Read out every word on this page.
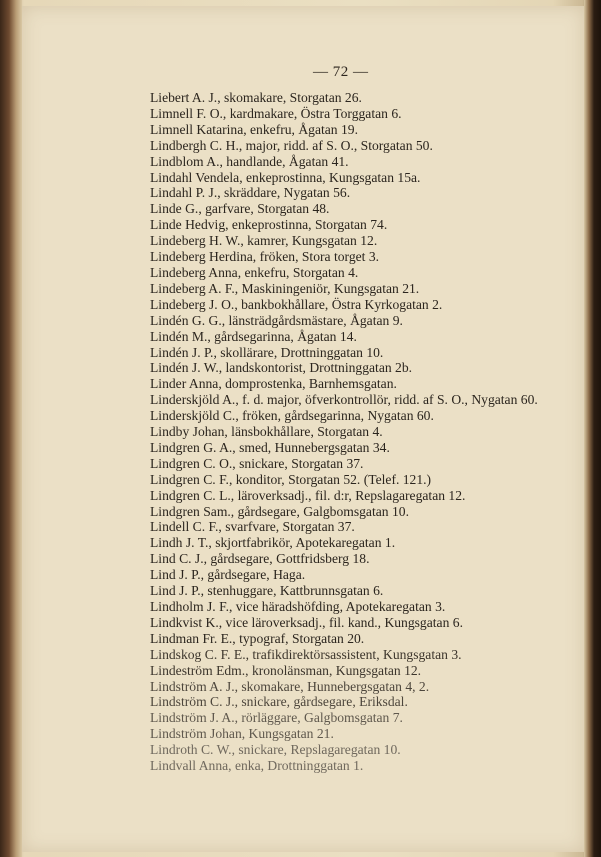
— 72 —
Liebert A. J., skomakare, Storgatan 26.
Limnell F. O., kardmakare, Östra Torggatan 6.
Limnell Katarina, enkefru, Ågatan 19.
Lindbergh C. H., major, ridd. af S. O., Storgatan 50.
Lindblom A., handlande, Ågatan 41.
Lindahl Vendela, enkeprostinna, Kungsgatan 15a.
Lindahl P. J., skräddare, Nygatan 56.
Linde G., garfvare, Storgatan 48.
Linde Hedvig, enkeprostinna, Storgatan 74.
Lindeberg H. W., kamrer, Kungsgatan 12.
Lindeberg Herdina, fröken, Stora torget 3.
Lindeberg Anna, enkefru, Storgatan 4.
Lindeberg A. F., Maskiningeniör, Kungsgatan 21.
Lindeberg J. O., bankbokhållare, Östra Kyrkogatan 2.
Lindén G. G., länsträdgårdsmästare, Ågatan 9.
Lindén M., gårdsegarinna, Ågatan 14.
Lindén J. P., skollärare, Drottninggatan 10.
Lindén J. W., landskontorist, Drottninggatan 2b.
Linder Anna, domprostenka, Barnhemsgatan.
Linderskjöld A., f. d. major, öfverkontrollör, ridd. af S. O., Nygatan 60.
Linderskjöld C., fröken, gårdsegarinna, Nygatan 60.
Lindby Johan, länsbokhållare, Storgatan 4.
Lindgren G. A., smed, Hunnebergsgatan 34.
Lindgren C. O., snickare, Storgatan 37.
Lindgren C. F., konditor, Storgatan 52. (Telef. 121.)
Lindgren C. L., läroverksadj., fil. d:r, Repslagaregatan 12.
Lindgren Sam., gårdsegare, Galgbomsgatan 10.
Lindell C. F., svarfvare, Storgatan 37.
Lindh J. T., skjortfabrikör, Apotekaregatan 1.
Lind C. J., gårdsegare, Gottfridsberg 18.
Lind J. P., gårdsegare, Haga.
Lind J. P., stenhuggare, Kattbrunnsgatan 6.
Lindholm J. F., vice häradshöfding, Apotekaregatan 3.
Lindkvist K., vice läroverksadj., fil. kand., Kungsgatan 6.
Lindman Fr. E., typograf, Storgatan 20.
Lindskog C. F. E., trafikdirektörsassistent, Kungsgatan 3.
Lindeström Edm., kronolänsman, Kungsgatan 12.
Lindström A. J., skomakare, Hunnebergsgatan 4, 2.
Lindström C. J., snickare, gårdsegare, Eriksdal.
Lindström J. A., rörläggare, Galgbomsgatan 7.
Lindström Johan, Kungsgatan 21.
Lindroth C. W., snickare, Repslagaregatan 10.
Lindvall Anna, enka, Drottninggatan 1.
